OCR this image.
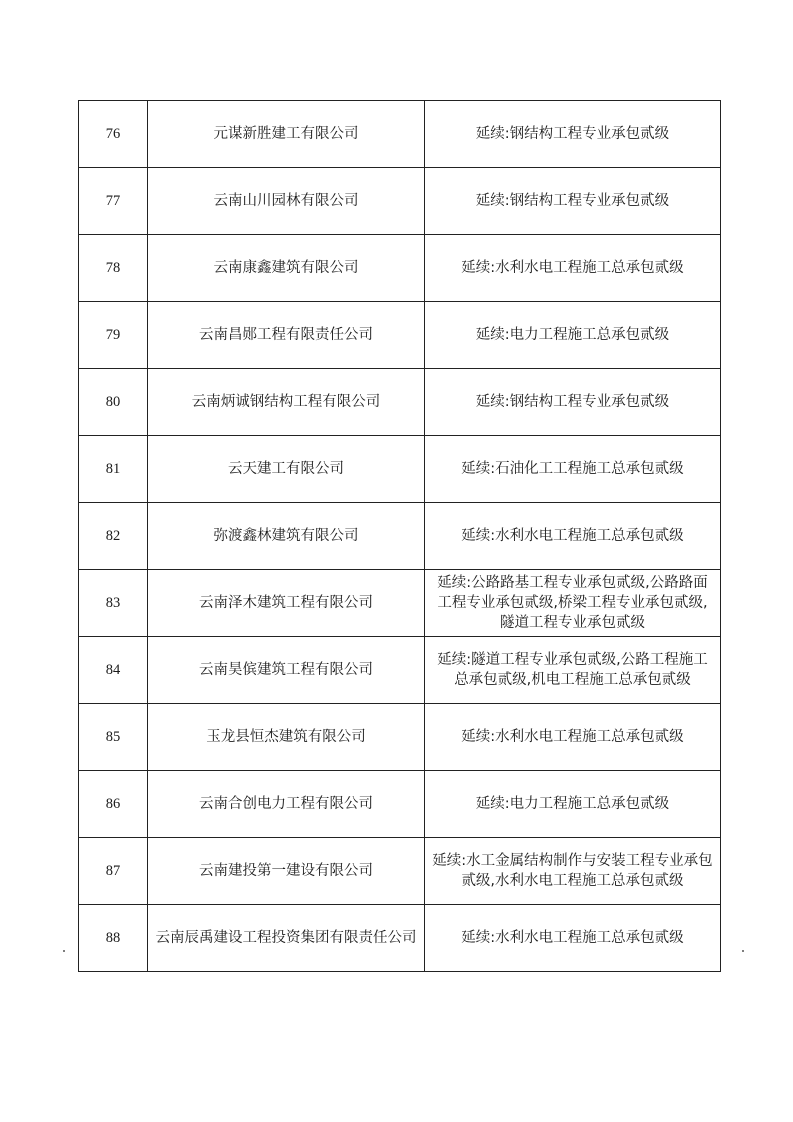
76	元谋新胜建工有限公司	延续:钢结构工程专业承包贰级
77	云南山川园林有限公司	延续:钢结构工程专业承包贰级
78	云南康鑫建筑有限公司	延续:水利水电工程施工总承包贰级
79	云南昌郧工程有限责任公司	延续:电力工程施工总承包贰级
80	云南炳诚钢结构工程有限公司	延续:钢结构工程专业承包贰级
81	云天建工有限公司	延续:石油化工工程施工总承包贰级
82	弥渡鑫林建筑有限公司	延续:水利水电工程施工总承包贰级
83	云南泽木建筑工程有限公司	延续:公路路基工程专业承包贰级,公路路面工程专业承包贰级,桥梁工程专业承包贰级,隧道工程专业承包贰级
84	云南昊傧建筑工程有限公司	延续:隧道工程专业承包贰级,公路工程施工总承包贰级,机电工程施工总承包贰级
85	玉龙县恒杰建筑有限公司	延续:水利水电工程施工总承包贰级
86	云南合创电力工程有限公司	延续:电力工程施工总承包贰级
87	云南建投第一建设有限公司	延续:水工金属结构制作与安装工程专业承包贰级,水利水电工程施工总承包贰级
88	云南辰禹建设工程投资集团有限责任公司	延续:水利水电工程施工总承包贰级
